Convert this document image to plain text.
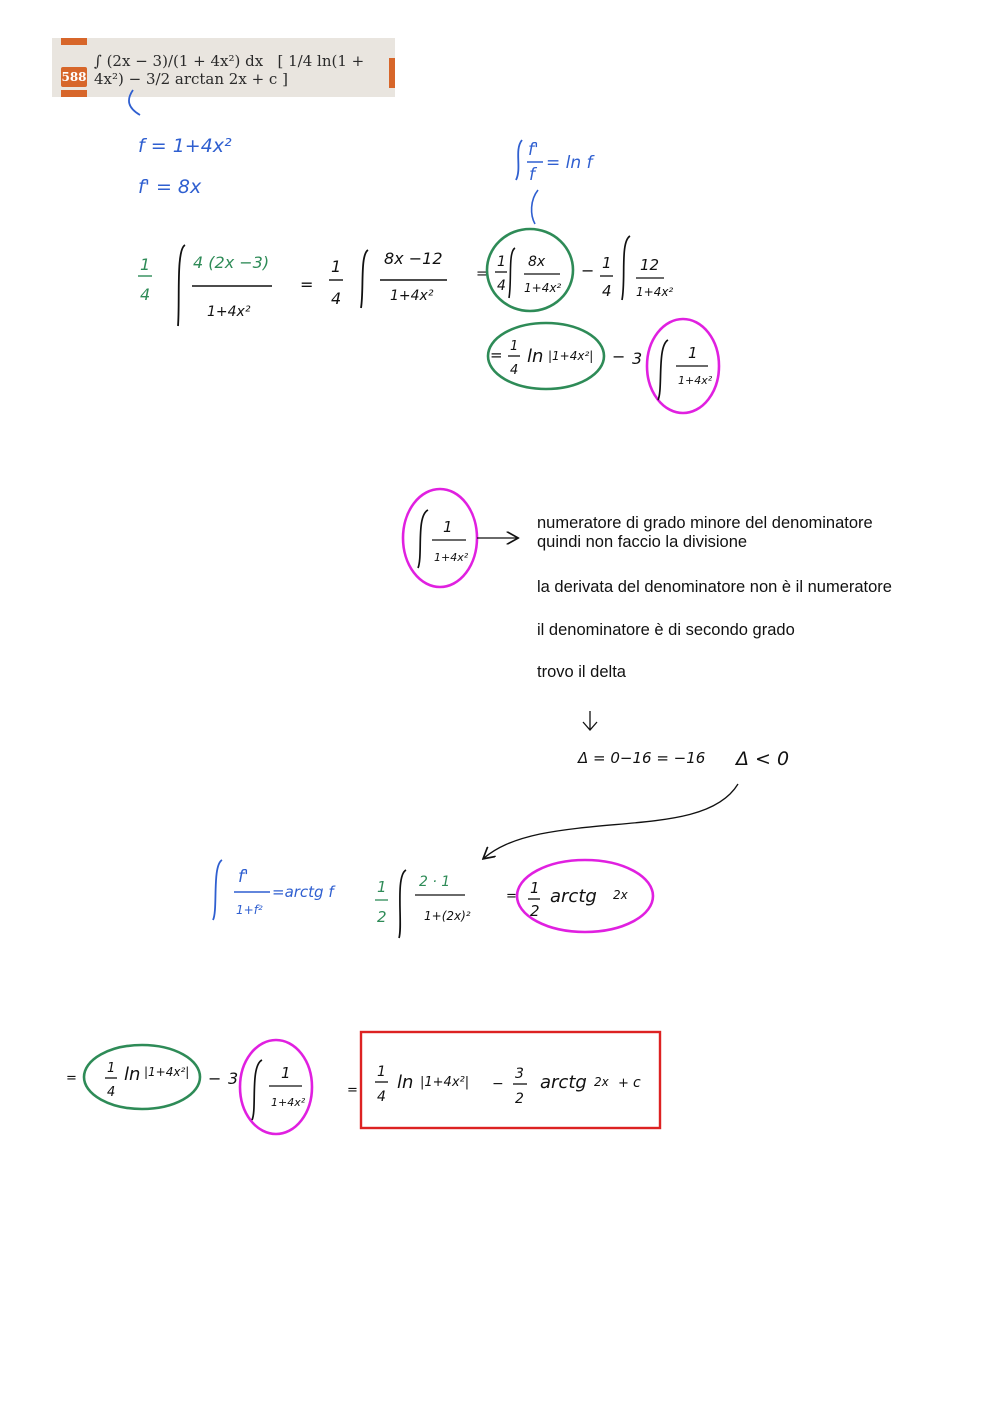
588
∫ (2x − 3)/(1 + 4x²) dx [ 1/4 ln(1 + 4x²) − 3/2 arctan 2x + c ]
numeratore di grado minore del denominatore
quindi non faccio la divisione
la derivata del denominatore non è il numeratore
il denominatore è di secondo grado
trovo il delta
f = 1+4x²
f' = 8x
f'
f
= ln f
1
4
4 (2x −3)
1+4x²
=
1
4
8x −12
1+4x²
=
1
4
8x
1+4x²
− 1
4
12
1+4x²
= 1
4
ln |1+4x²| − 3	1
1+4x²
1
1+4x²
Δ = 0−16 = −16 Δ < 0
f'
1+f²
=arctg f	1
2
2 · 1
1+(2x)²
= 1
2
arctg 2x
=
1
4
ln |1+4x²| − 3	1
1+4x²
=
1
4
ln |1+4x²| −
3
2
arctg 2x + c
